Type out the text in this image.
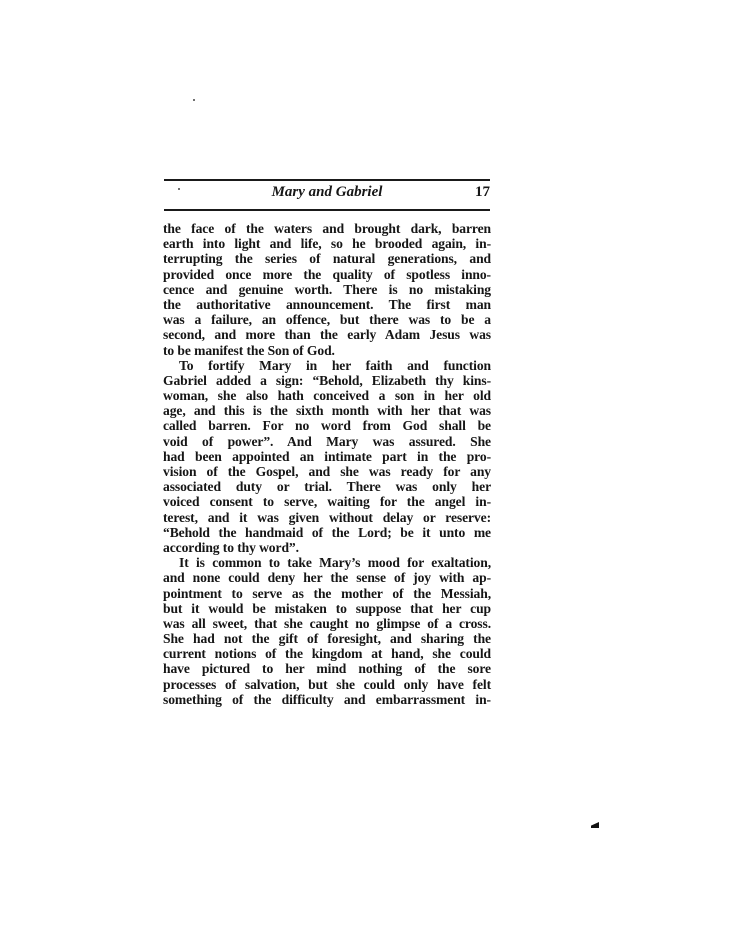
Mary and Gabriel	17
the face of the waters and brought dark, barren
earth into light and life, so he brooded again, in-
terrupting the series of natural generations, and
provided once more the quality of spotless inno-
cence and genuine worth. There is no mistaking
the authoritative announcement. The first man
was a failure, an offence, but there was to be a
second, and more than the early Adam Jesus was
to be manifest the Son of God.
To fortify Mary in her faith and function
Gabriel added a sign: “Behold, Elizabeth thy kins-
woman, she also hath conceived a son in her old
age, and this is the sixth month with her that was
called barren. For no word from God shall be
void of power”. And Mary was assured. She
had been appointed an intimate part in the pro-
vision of the Gospel, and she was ready for any
associated duty or trial. There was only her
voiced consent to serve, waiting for the angel in-
terest, and it was given without delay or reserve:
“Behold the handmaid of the Lord; be it unto me
according to thy word”.
It is common to take Mary’s mood for exaltation,
and none could deny her the sense of joy with ap-
pointment to serve as the mother of the Messiah,
but it would be mistaken to suppose that her cup
was all sweet, that she caught no glimpse of a cross.
She had not the gift of foresight, and sharing the
current notions of the kingdom at hand, she could
have pictured to her mind nothing of the sore
processes of salvation, but she could only have felt
something of the difficulty and embarrassment in-
